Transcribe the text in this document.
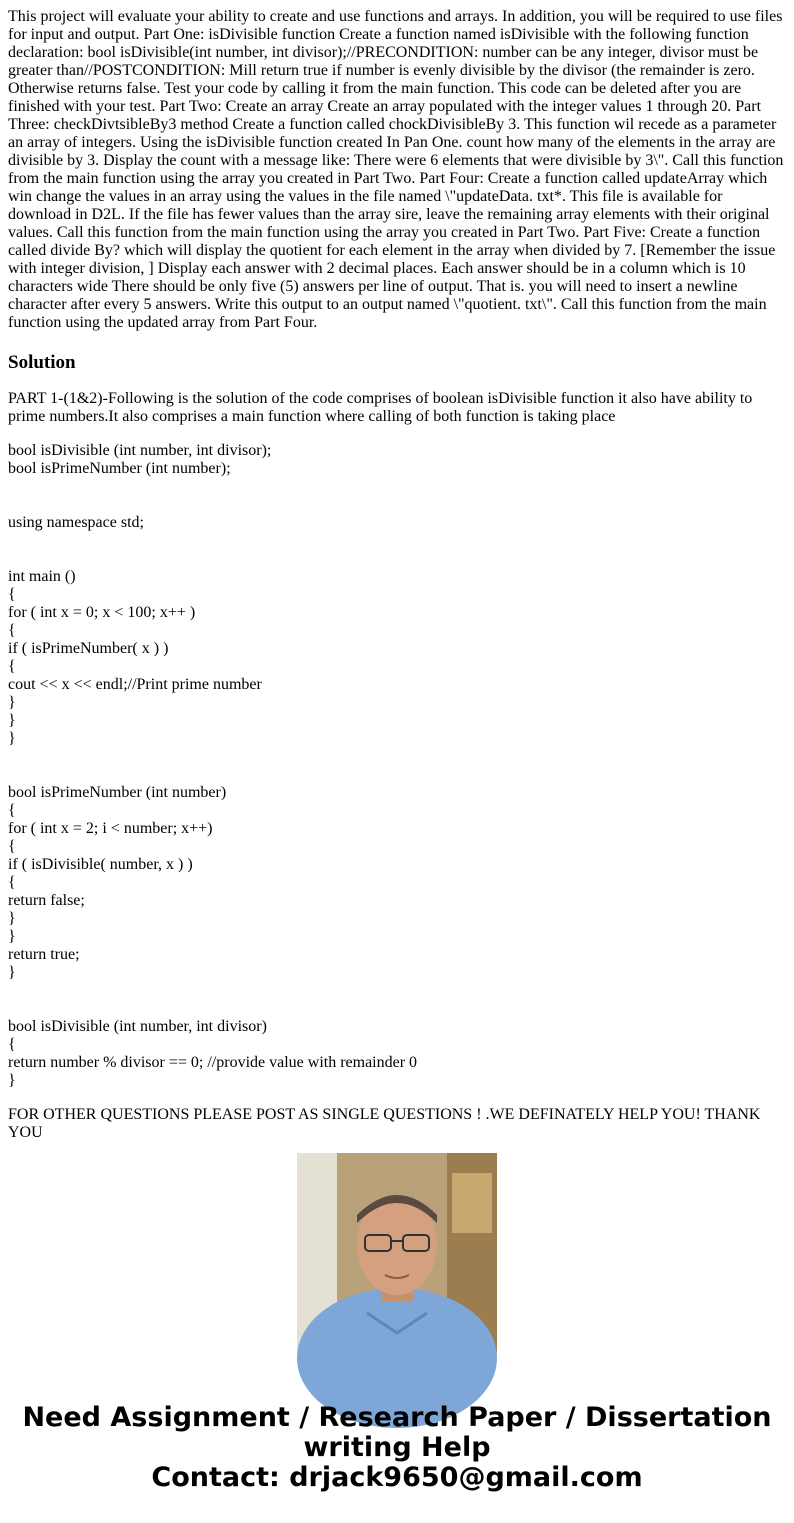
This project will evaluate your ability to create and use functions and arrays. In addition, you will be required to use files for input and output. Part One: isDivisible function Create a function named isDivisible with the following function declaration: bool isDivisible(int number, int divisor);//PRECONDITION: number can be any integer, divisor must be greater than//POSTCONDITION: Mill return true if number is evenly divisible by the divisor (the remainder is zero. Otherwise returns false. Test your code by calling it from the main function. This code can be deleted after you are finished with your test. Part Two: Create an array Create an array populated with the integer values 1 through 20. Part Three: checkDivtsibleBy3 method Create a function called chockDivisibleBy 3. This function wil recede as a parameter an array of integers. Using the isDivisible function created In Pan One. count how many of the elements in the array are divisible by 3. Display the count with a message like: There were 6 elements that were divisible by 3\". Call this function from the main function using the array you created in Part Two. Part Four: Create a function called updateArray which win change the values in an array using the values in the file named \"updateData. txt*. This file is available for download in D2L. If the file has fewer values than the array sire, leave the remaining array elements with their original values. Call this function from the main function using the array you created in Part Two. Part Five: Create a function called divide By? which will display the quotient for each element in the array when divided by 7. [Remember the issue with integer division, ] Display each answer with 2 decimal places. Each answer should be in a column which is 10 characters wide There should be only five (5) answers per line of output. That is. you will need to insert a newline character after every 5 answers. Write this output to an output named \"quotient. txt\". Call this function from the main function using the updated array from Part Four.

Solution

PART 1-(1&2)-Following is the solution of the code comprises of boolean isDivisible function it also have ability to prime numbers.It also comprises a main function where calling of both function is taking place

bool isDivisible (int number, int divisor);
bool isPrimeNumber (int number);
using namespace std;
int main ()
{
for ( int x = 0; x < 100; x++ )
{
if ( isPrimeNumber( x ) )
{
cout << x << endl;//Print prime number
}
}
}
bool isPrimeNumber (int number)
{
for ( int x = 2; i < number; x++)
{
if ( isDivisible( number, x ) )
{
return false;
}
}
return true;
}
bool isDivisible (int number, int divisor)
{
return number % divisor == 0; //provide value with remainder 0
}

FOR OTHER QUESTIONS PLEASE POST AS SINGLE QUESTIONS ! .WE DEFINATELY HELP YOU! THANK YOU

Need Assignment / Research Paper / Dissertation
writing Help
Contact: drjack9650@gmail.com
